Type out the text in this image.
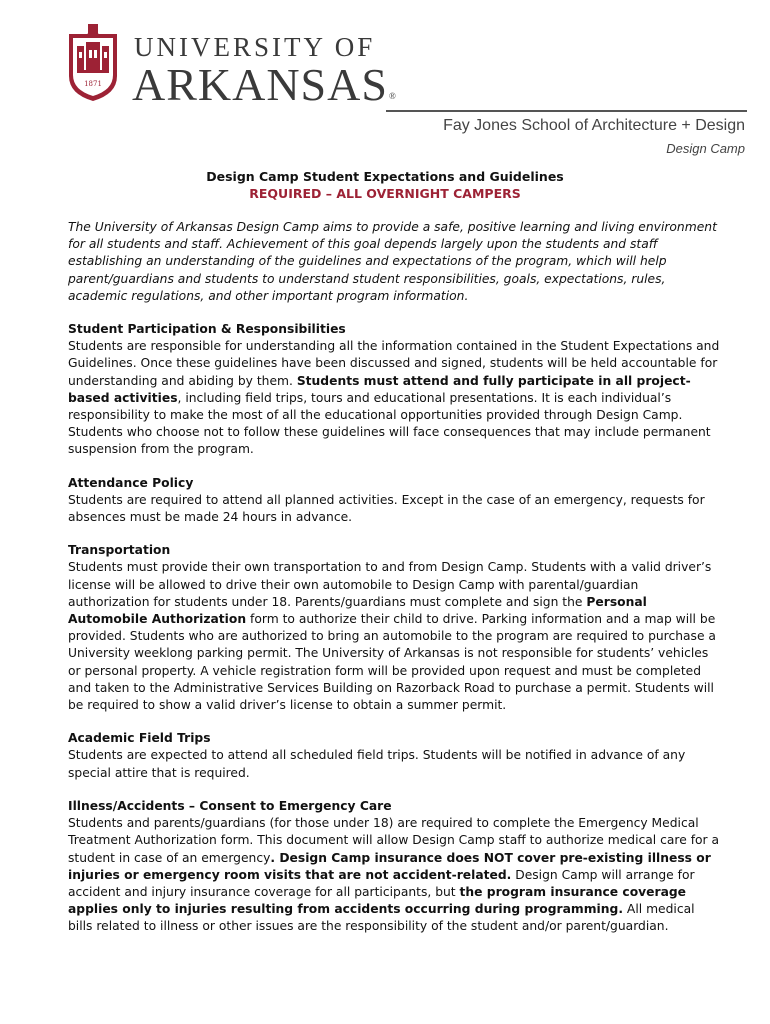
1871
UNIVERSITY OF
ARKANSAS®
Fay Jones School of Architecture + Design
Design Camp
Design Camp Student Expectations and Guidelines
REQUIRED – ALL OVERNIGHT CAMPERS

The University of Arkansas Design Camp aims to provide a safe, positive learning and living environment for all students and staff. Achievement of this goal depends largely upon the students and staff establishing an understanding of the guidelines and expectations of the program, which will help parent/guardians and students to understand student responsibilities, goals, expectations, rules, academic regulations, and other important program information.

Student Participation & Responsibilities

Students are responsible for understanding all the information contained in the Student Expectations and Guidelines. Once these guidelines have been discussed and signed, students will be held accountable for understanding and abiding by them. Students must attend and fully participate in all project-based activities, including field trips, tours and educational presentations. It is each individual’s responsibility to make the most of all the educational opportunities provided through Design Camp. Students who choose not to follow these guidelines will face consequences that may include permanent suspension from the program.

Attendance Policy

Students are required to attend all planned activities. Except in the case of an emergency, requests for absences must be made 24 hours in advance.

Transportation

Students must provide their own transportation to and from Design Camp. Students with a valid driver’s license will be allowed to drive their own automobile to Design Camp with parental/guardian authorization for students under 18. Parents/guardians must complete and sign the Personal Automobile Authorization form to authorize their child to drive. Parking information and a map will be provided. Students who are authorized to bring an automobile to the program are required to purchase a University weeklong parking permit. The University of Arkansas is not responsible for students’ vehicles or personal property. A vehicle registration form will be provided upon request and must be completed and taken to the Administrative Services Building on Razorback Road to purchase a permit. Students will be required to show a valid driver’s license to obtain a summer permit.

Academic Field Trips

Students are expected to attend all scheduled field trips. Students will be notified in advance of any special attire that is required.

Illness/Accidents – Consent to Emergency Care

Students and parents/guardians (for those under 18) are required to complete the Emergency Medical Treatment Authorization form. This document will allow Design Camp staff to authorize medical care for a student in case of an emergency. Design Camp insurance does NOT cover pre-existing illness or injuries or emergency room visits that are not accident-related. Design Camp will arrange for accident and injury insurance coverage for all participants, but the program insurance coverage applies only to injuries resulting from accidents occurring during programming. All medical bills related to illness or other issues are the responsibility of the student and/or parent/guardian.
